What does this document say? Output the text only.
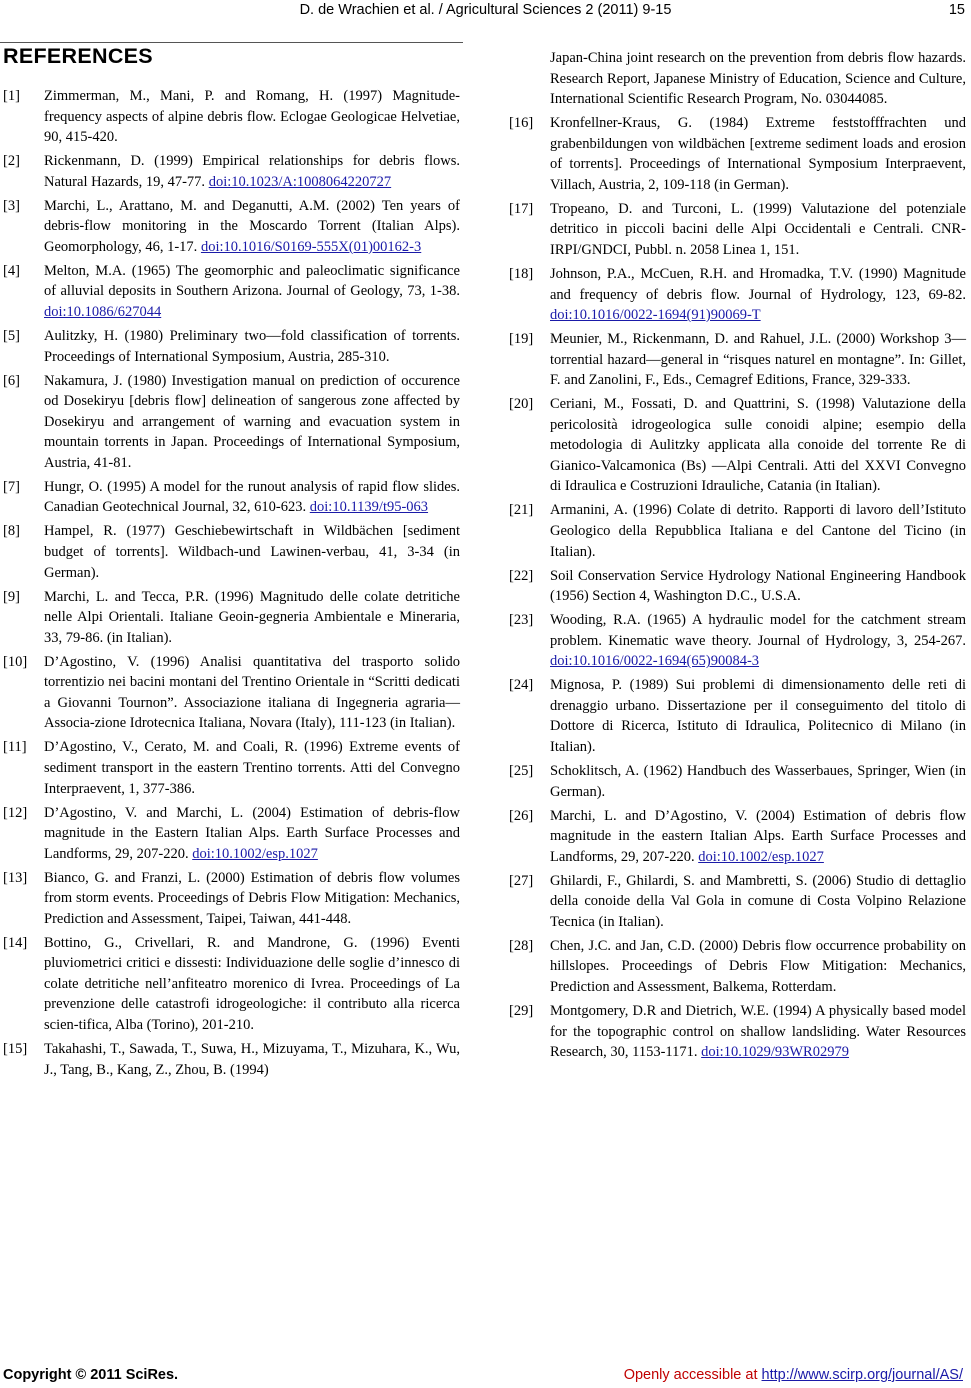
D. de Wrachien et al. / Agricultural Sciences 2 (2011) 9-15	15
REFERENCES

[1] Zimmerman, M., Mani, P. and Romang, H. (1997) Magnitude-frequency aspects of alpine debris flow. Eclogae Geologicae Helvetiae, 90, 415-420.

[2] Rickenmann, D. (1999) Empirical relationships for debris flows. Natural Hazards, 19, 47-77. doi:10.1023/A:1008064220727

[3] Marchi, L., Arattano, M. and Deganutti, A.M. (2002) Ten years of debris-flow monitoring in the Moscardo Torrent (Italian Alps). Geomorphology, 46, 1-17. doi:10.1016/S0169-555X(01)00162-3

[4] Melton, M.A. (1965) The geomorphic and paleoclimatic significance of alluvial deposits in Southern Arizona. Journal of Geology, 73, 1-38. doi:10.1086/627044

[5] Aulitzky, H. (1980) Preliminary two—fold classification of torrents. Proceedings of International Symposium, Austria, 285-310.

[6] Nakamura, J. (1980) Investigation manual on prediction of occurence od Dosekiryu [debris flow] delineation of sangerous zone affected by Dosekiryu and arrangement of warning and evacuation system in mountain torrents in Japan. Proceedings of International Symposium, Austria, 41-81.

[7] Hungr, O. (1995) A model for the runout analysis of rapid flow slides. Canadian Geotechnical Journal, 32, 610-623. doi:10.1139/t95-063

[8] Hampel, R. (1977) Geschiebewirtschaft in Wildbächen [sediment budget of torrents]. Wildbach-und Lawinen-verbau, 41, 3-34 (in German).

[9] Marchi, L. and Tecca, P.R. (1996) Magnitudo delle colate detritiche nelle Alpi Orientali. Italiane Geoin-gegneria Ambientale e Mineraria, 33, 79-86. (in Italian).

[10] D’Agostino, V. (1996) Analisi quantitativa del trasporto solido torrentizio nei bacini montani del Trentino Orientale in “Scritti dedicati a Giovanni Tournon”. Associazione italiana di Ingegneria agraria—Associa-zione Idrotecnica Italiana, Novara (Italy), 111-123 (in Italian).

[11] D’Agostino, V., Cerato, M. and Coali, R. (1996) Extreme events of sediment transport in the eastern Trentino torrents. Atti del Convegno Interpraevent, 1, 377-386.

[12] D’Agostino, V. and Marchi, L. (2004) Estimation of debris-flow magnitude in the Eastern Italian Alps. Earth Surface Processes and Landforms, 29, 207-220. doi:10.1002/esp.1027

[13] Bianco, G. and Franzi, L. (2000) Estimation of debris flow volumes from storm events. Proceedings of Debris Flow Mitigation: Mechanics, Prediction and Assessment, Taipei, Taiwan, 441-448.

[14] Bottino, G., Crivellari, R. and Mandrone, G. (1996) Eventi pluviometrici critici e dissesti: Individuazione delle soglie d’innesco di colate detritiche nell’anfiteatro morenico di Ivrea. Proceedings of La prevenzione delle catastrofi idrogeologiche: il contributo alla ricerca scien-tifica, Alba (Torino), 201-210.

[15] Takahashi, T., Sawada, T., Suwa, H., Mizuyama, T., Mizuhara, K., Wu, J., Tang, B., Kang, Z., Zhou, B. (1994)

Japan-China joint research on the prevention from debris flow hazards. Research Report, Japanese Ministry of Education, Science and Culture, International Scientific Research Program, No. 03044085.

[16] Kronfellner-Kraus, G. (1984) Extreme feststofffrachten und grabenbildungen von wildbächen [extreme sediment loads and erosion of torrents]. Proceedings of International Symposium Interpraevent, Villach, Austria, 2, 109-118 (in German).

[17] Tropeano, D. and Turconi, L. (1999) Valutazione del potenziale detritico in piccoli bacini delle Alpi Occidentali e Centrali. CNR-IRPI/GNDCI, Pubbl. n. 2058 Linea 1, 151.

[18] Johnson, P.A., McCuen, R.H. and Hromadka, T.V. (1990) Magnitude and frequency of debris flow. Journal of Hydrology, 123, 69-82. doi:10.1016/0022-1694(91)90069-T

[19] Meunier, M., Rickenmann, D. and Rahuel, J.L. (2000) Workshop 3—torrential hazard—general in “risques naturel en montagne”. In: Gillet, F. and Zanolini, F., Eds., Cemagref Editions, France, 329-333.

[20] Ceriani, M., Fossati, D. and Quattrini, S. (1998) Valutazione della pericolosità idrogeologica sulle conoidi alpine; esempio della metodologia di Aulitzky applicata alla conoide del torrente Re di Gianico-Valcamonica (Bs) —Alpi Centrali. Atti del XXVI Convegno di Idraulica e Costruzioni Idrauliche, Catania (in Italian).

[21] Armanini, A. (1996) Colate di detrito. Rapporti di lavoro dell’Istituto Geologico della Repubblica Italiana e del Cantone del Ticino (in Italian).

[22] Soil Conservation Service Hydrology National Engineering Handbook (1956) Section 4, Washington D.C., U.S.A.

[23] Wooding, R.A. (1965) A hydraulic model for the catchment stream problem. Kinematic wave theory. Journal of Hydrology, 3, 254-267. doi:10.1016/0022-1694(65)90084-3

[24] Mignosa, P. (1989) Sui problemi di dimensionamento delle reti di drenaggio urbano. Dissertazione per il conseguimento del titolo di Dottore di Ricerca, Istituto di Idraulica, Politecnico di Milano (in Italian).

[25] Schoklitsch, A. (1962) Handbuch des Wasserbaues, Springer, Wien (in German).

[26] Marchi, L. and D’Agostino, V. (2004) Estimation of debris flow magnitude in the eastern Italian Alps. Earth Surface Processes and Landforms, 29, 207-220. doi:10.1002/esp.1027

[27] Ghilardi, F., Ghilardi, S. and Mambretti, S. (2006) Studio di dettaglio della conoide della Val Gola in comune di Costa Volpino Relazione Tecnica (in Italian).

[28] Chen, J.C. and Jan, C.D. (2000) Debris flow occurrence probability on hillslopes. Proceedings of Debris Flow Mitigation: Mechanics, Prediction and Assessment, Balkema, Rotterdam.

[29] Montgomery, D.R and Dietrich, W.E. (1994) A physically based model for the topographic control on shallow landsliding. Water Resources Research, 30, 1153-1171. doi:10.1029/93WR02979

Copyright © 2011 SciRes.	Openly accessible at http://www.scirp.org/journal/AS/
